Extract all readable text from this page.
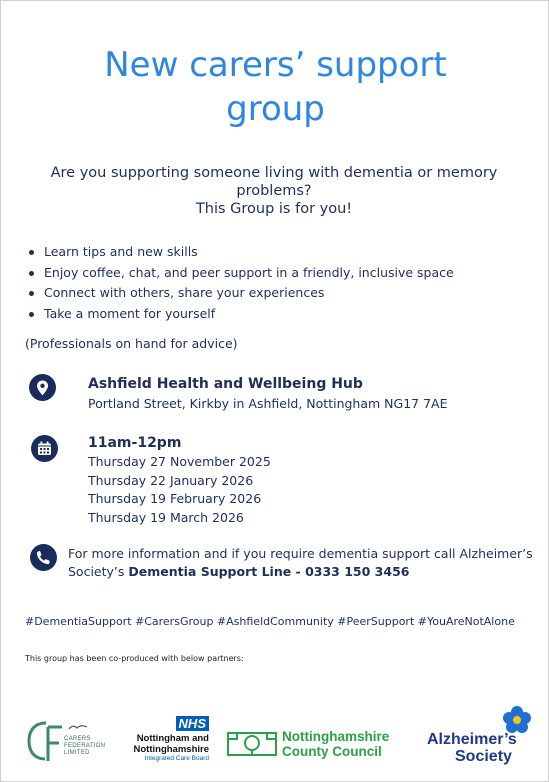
New carers’ support
group
Are you supporting someone living with dementia or memory
problems?
This Group is for you!
Learn tips and new skills
Enjoy coffee, chat, and peer support in a friendly, inclusive space
Connect with others, share your experiences
Take a moment for yourself
(Professionals on hand for advice)
Ashfield Health and Wellbeing Hub
Portland Street, Kirkby in Ashfield, Nottingham NG17 7AE
11am-12pm
Thursday 27 November 2025
Thursday 22 January 2026
Thursday 19 February 2026
Thursday 19 March 2026
For more information and if you require dementia support call Alzheimer’s
Society’s Dementia Support Line - 0333 150 3456
#DementiaSupport #CarersGroup #AshfieldCommunity #PeerSupport #YouAreNotAlone
This group has been co-produced with below partners:
CARERS
FEDERATION
LIMITED
NHS
Nottingham and
Nottinghamshire
Integrated Care Board
Nottinghamshire
County Council
Alzheimer’s
Society
